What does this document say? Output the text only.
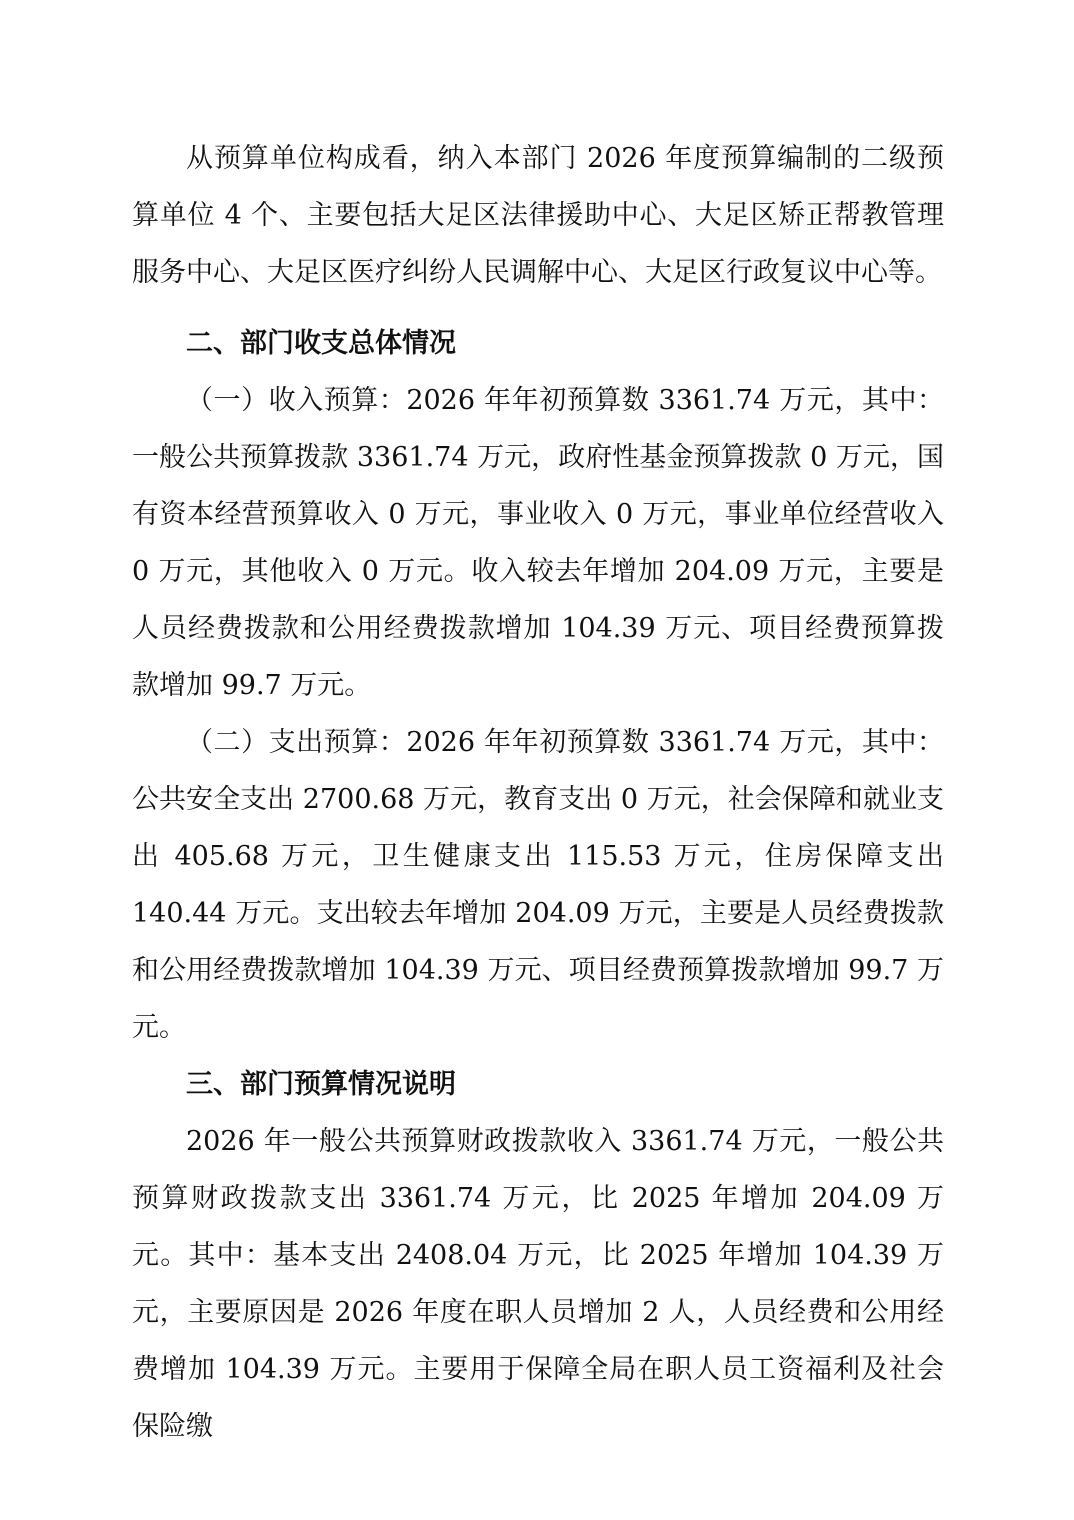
从预算单位构成看，纳入本部门 2026 年度预算编制的二级预算单位 4 个、主要包括大足区法律援助中心、大足区矫正帮教管理服务中心、大足区医疗纠纷人民调解中心、大足区行政复议中心等。

二、部门收支总体情况

（一）收入预算：2026 年年初预算数 3361.74 万元，其中：一般公共预算拨款 3361.74 万元，政府性基金预算拨款 0 万元，国有资本经营预算收入 0 万元，事业收入 0 万元，事业单位经营收入 0 万元，其他收入 0 万元。收入较去年增加 204.09 万元，主要是人员经费拨款和公用经费拨款增加 104.39 万元、项目经费预算拨款增加 99.7 万元。

（二）支出预算：2026 年年初预算数 3361.74 万元，其中：公共安全支出 2700.68 万元，教育支出 0 万元，社会保障和就业支出 405.68 万元，卫生健康支出 115.53 万元，住房保障支出 140.44 万元。支出较去年增加 204.09 万元，主要是人员经费拨款和公用经费拨款增加 104.39 万元、项目经费预算拨款增加 99.7 万元。

三、部门预算情况说明

2026 年一般公共预算财政拨款收入 3361.74 万元，一般公共预算财政拨款支出 3361.74 万元，比 2025 年增加 204.09 万元。其中：基本支出 2408.04 万元，比 2025 年增加 104.39 万元，主要原因是 2026 年度在职人员增加 2 人，人员经费和公用经费增加 104.39 万元。主要用于保障全局在职人员工资福利及社会保险缴
